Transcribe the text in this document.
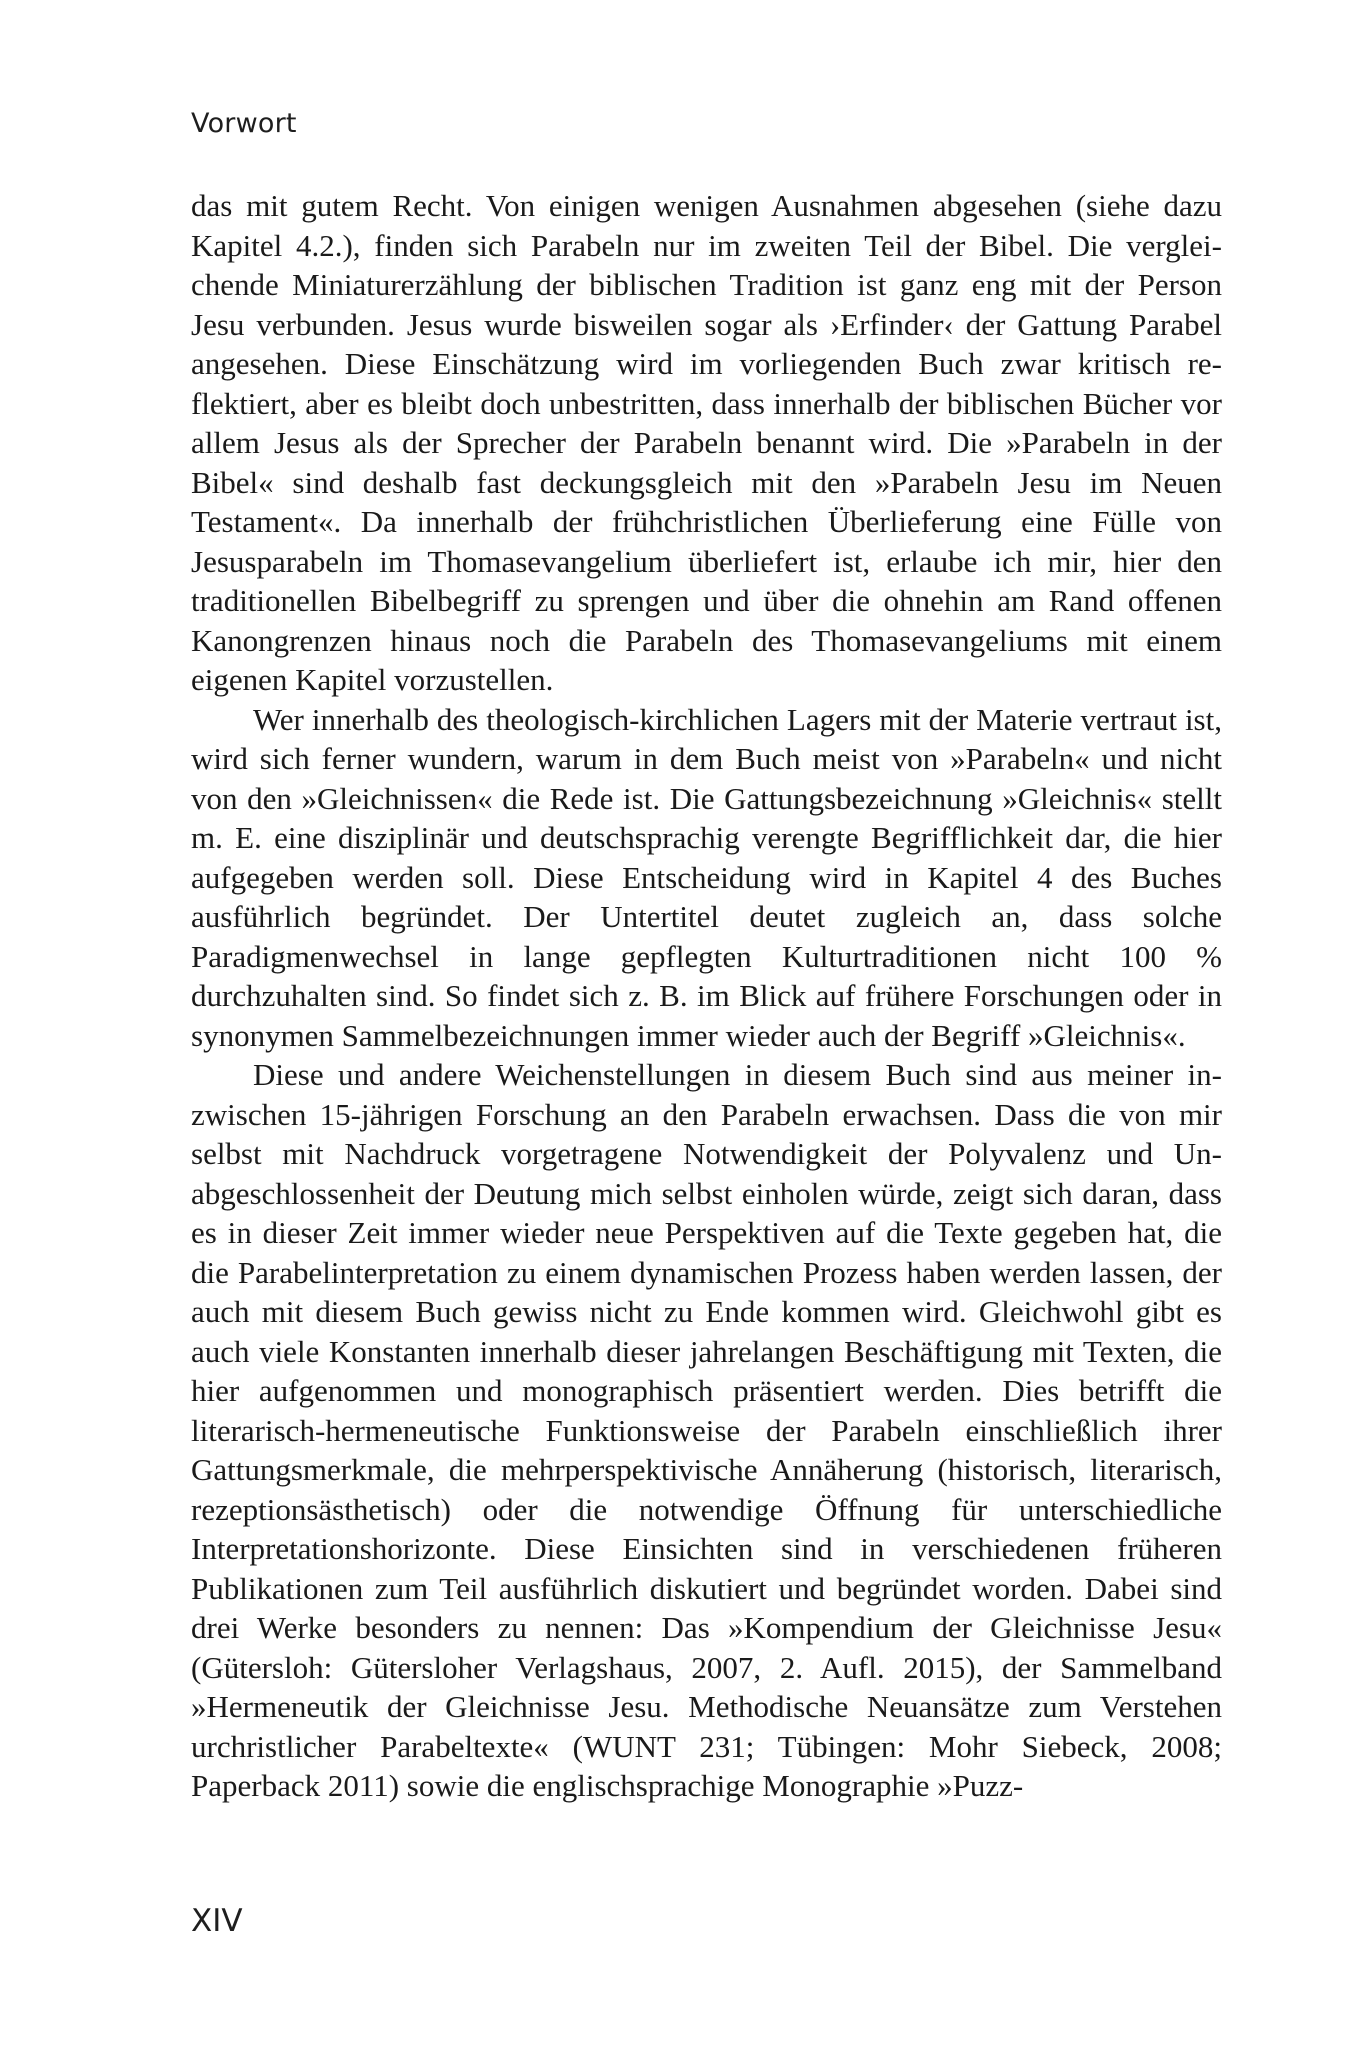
Vorwort

das mit gutem Recht. Von einigen wenigen Ausnahmen abgesehen (siehe dazu Kapitel 4.2.), finden sich Parabeln nur im zweiten Teil der Bibel. Die vergleichende Miniaturerzählung der biblischen Tradition ist ganz eng mit der Person Jesu verbunden. Jesus wurde bisweilen sogar als ›Erfinder‹ der Gattung Parabel angesehen. Diese Einschätzung wird im vorliegenden Buch zwar kritisch reflektiert, aber es bleibt doch unbestritten, dass innerhalb der biblischen Bücher vor allem Jesus als der Sprecher der Parabeln benannt wird. Die »Parabeln in der Bibel« sind deshalb fast deckungsgleich mit den »Parabeln Jesu im Neuen Testament«. Da innerhalb der frühchristlichen Überlieferung eine Fülle von Jesusparabeln im Thomasevangelium überliefert ist, erlaube ich mir, hier den traditionellen Bibelbegriff zu sprengen und über die ohnehin am Rand offenen Kanongrenzen hinaus noch die Parabeln des Thomasevangeliums mit einem eigenen Kapitel vorzustellen.

Wer innerhalb des theologisch-kirchlichen Lagers mit der Materie vertraut ist, wird sich ferner wundern, warum in dem Buch meist von »Parabeln« und nicht von den »Gleichnissen« die Rede ist. Die Gattungsbezeichnung »Gleichnis« stellt m. E. eine disziplinär und deutschsprachig verengte Begrifflichkeit dar, die hier aufgegeben werden soll. Diese Entscheidung wird in Kapitel 4 des Buches ausführlich begründet. Der Untertitel deutet zugleich an, dass solche Paradigmenwechsel in lange gepflegten Kulturtraditionen nicht 100 % durchzuhalten sind. So findet sich z. B. im Blick auf frühere Forschungen oder in synonymen Sammelbezeichnungen immer wieder auch der Begriff »Gleichnis«.

Diese und andere Weichenstellungen in diesem Buch sind aus meiner inzwischen 15-jährigen Forschung an den Parabeln erwachsen. Dass die von mir selbst mit Nachdruck vorgetragene Notwendigkeit der Polyvalenz und Unabgeschlossenheit der Deutung mich selbst einholen würde, zeigt sich daran, dass es in dieser Zeit immer wieder neue Perspektiven auf die Texte gegeben hat, die die Parabelinterpretation zu einem dynamischen Prozess haben werden lassen, der auch mit diesem Buch gewiss nicht zu Ende kommen wird. Gleichwohl gibt es auch viele Konstanten innerhalb dieser jahrelangen Beschäftigung mit Texten, die hier aufgenommen und monographisch präsentiert werden. Dies betrifft die literarisch-hermeneutische Funktionsweise der Parabeln einschließlich ihrer Gattungsmerkmale, die mehrperspektivische Annäherung (historisch, literarisch, rezeptionsästhetisch) oder die notwendige Öffnung für unterschiedliche Interpretationshorizonte. Diese Einsichten sind in verschiedenen früheren Publikationen zum Teil ausführlich diskutiert und begründet worden. Dabei sind drei Werke besonders zu nennen: Das »Kompendium der Gleichnisse Jesu« (Gütersloh: Gütersloher Verlagshaus, 2007, 2. Aufl. 2015), der Sammelband »Hermeneutik der Gleichnisse Jesu. Methodische Neuansätze zum Verstehen urchristlicher Parabeltexte« (WUNT 231; Tübingen: Mohr Siebeck, 2008; Paperback 2011) sowie die englischsprachige Monographie »Puzz-

XIV
